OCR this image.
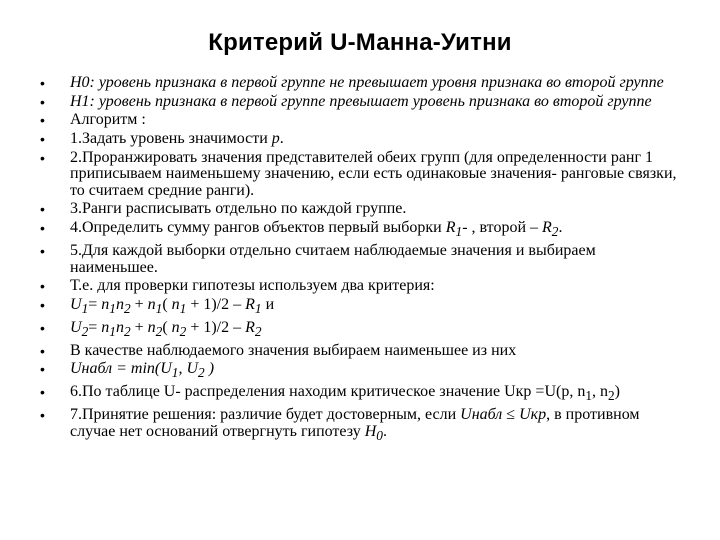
Критерий U-Манна-Уитни
• H0: уровень признака в первой группе не превышает уровня признака во второй группе
• H1: уровень признака в первой группе превышает уровень признака во второй группе
• Алгоритм :
• 1.Задать уровень значимости p.
• 2.Проранжировать значения представителей обеих групп (для определенности ранг 1 приписываем наименьшему значению, если есть одинаковые значения- ранговые связки, то считаем средние ранги).
• 3.Ранги расписывать отдельно по каждой группе.
• 4.Определить сумму рангов объектов первый выборки $R_1-$ , второй – $R_2$.
• 5.Для каждой выборки отдельно считаем наблюдаемые значения и выбираем наименьшее.
• Т.е. для проверки гипотезы используем два критерия:
• $U_1= n_1n_2 + n_1$( $n_1 + 1)/2 - R_1$ и
• $U_2= n_1n_2 + n_2$( $n_2 + 1)/2 - R_2$
• В качестве наблюдаемого значения выбираем наименьшее из них
• Uнабл = $\min(U_1$, $U_2$ )
• 6.По таблице U- распределения находим критическое значение Uкр =U(p, $n_1$, $n_2$)
• 7.Принятие решения: различие будет достоверным, если Uнабл ≤ Uкр, в противном случае нет оснований отвергнуть гипотезу $H_0$.
